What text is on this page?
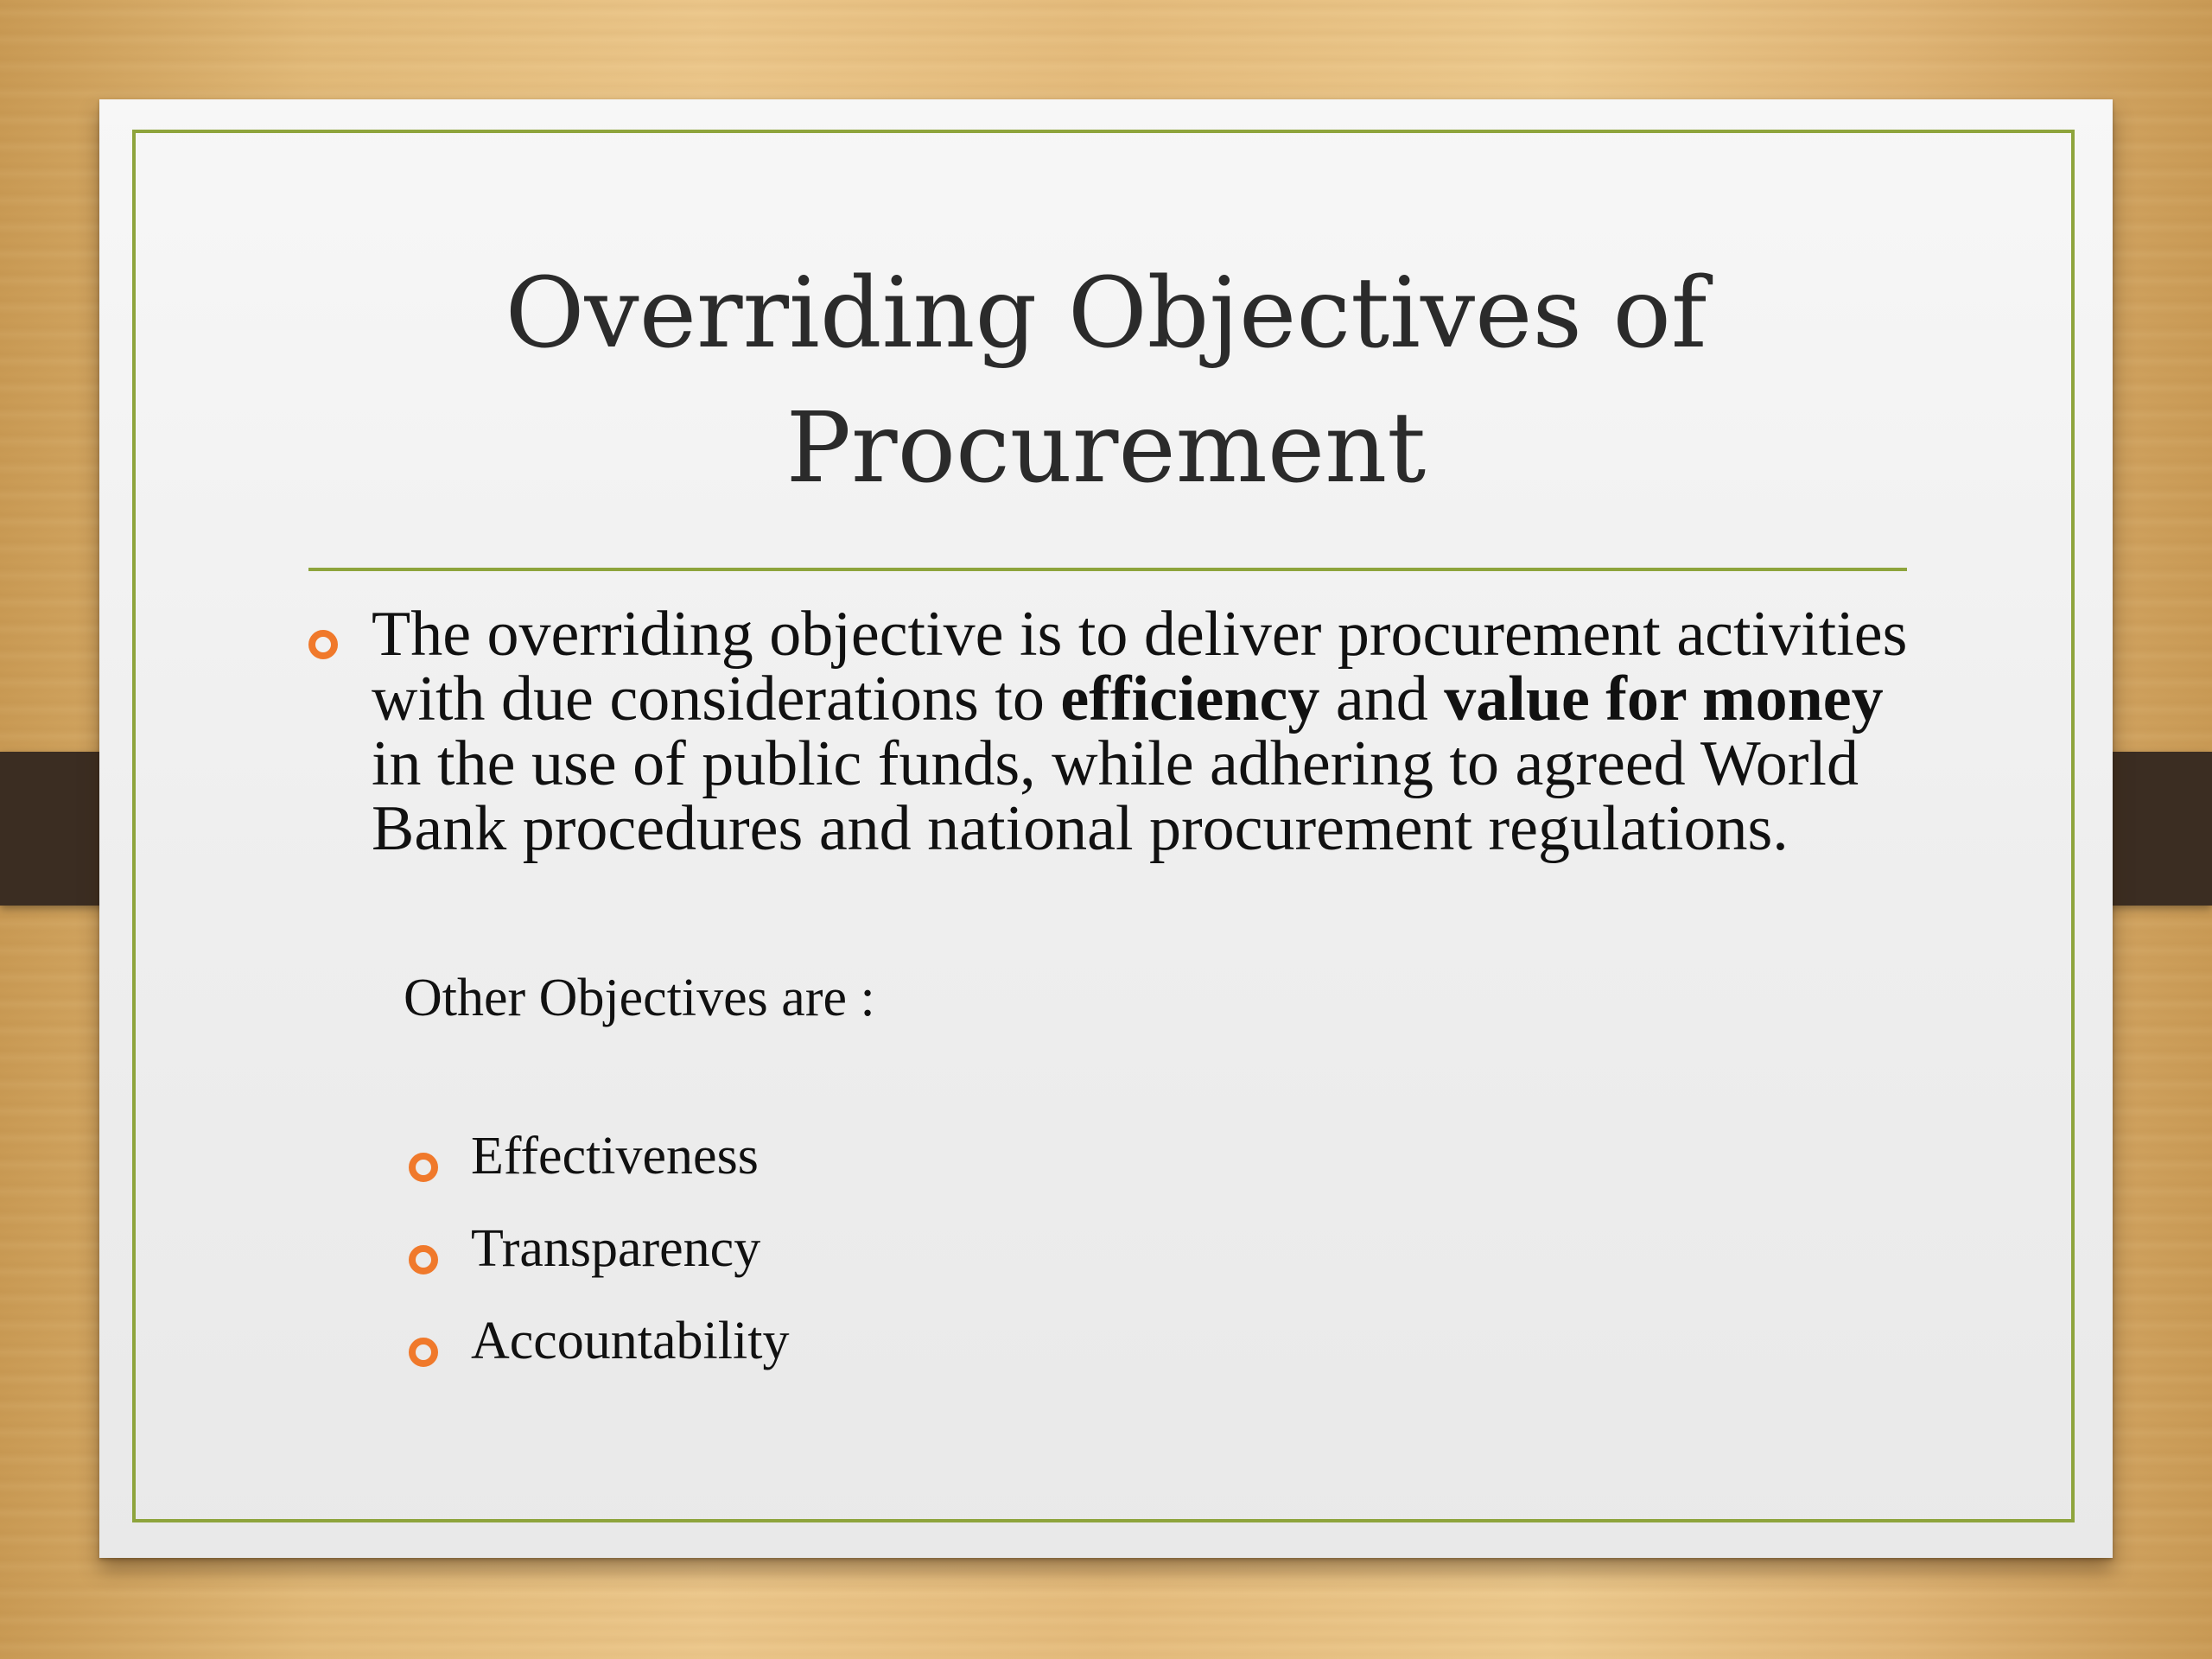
Overriding Objectives of
Procurement

The overriding objective is to deliver procurement activities with due considerations to efficiency and value for money in the use of public funds, while adhering to agreed World Bank procedures and national procurement regulations.

Other Objectives are :

Effectiveness

Transparency

Accountability
